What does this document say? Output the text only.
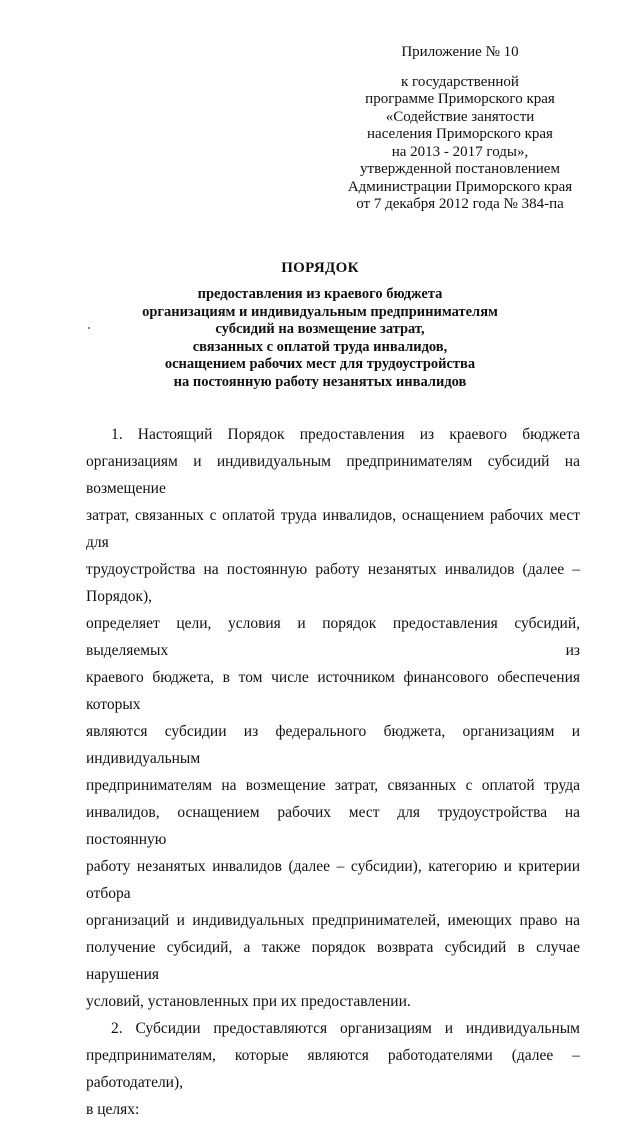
Приложение № 10
к государственной
программе Приморского края
«Содействие занятости
населения Приморского края
на 2013 - 2017 годы»,
утвержденной постановлением
Администрации Приморского края
от 7 декабря 2012 года № 384-па
ПОРЯДОК
предоставления из краевого бюджета
организациям и индивидуальным предпринимателям
субсидий на возмещение затрат,
связанных с оплатой труда инвалидов,
оснащением рабочих мест для трудоустройства
на постоянную работу незанятых инвалидов
1. Настоящий Порядок предоставления из краевого бюджета
организациям и индивидуальным предпринимателям субсидий на возмещение
затрат, связанных с оплатой труда инвалидов, оснащением рабочих мест для
трудоустройства на постоянную работу незанятых инвалидов (далее – Порядок),
определяет цели, условия и порядок предоставления субсидий, выделяемых из
краевого бюджета, в том числе источником финансового обеспечения которых
являются субсидии из федерального бюджета, организациям и индивидуальным
предпринимателям на возмещение затрат, связанных с оплатой труда
инвалидов, оснащением рабочих мест для трудоустройства на постоянную
работу незанятых инвалидов (далее – субсидии), категорию и критерии отбора
организаций и индивидуальных предпринимателей, имеющих право на
получение субсидий, а также порядок возврата субсидий в случае нарушения
условий, установленных при их предоставлении.
2. Субсидии предоставляются организациям и индивидуальным
предпринимателям, которые являются работодателями (далее – работодатели),
в целях:
